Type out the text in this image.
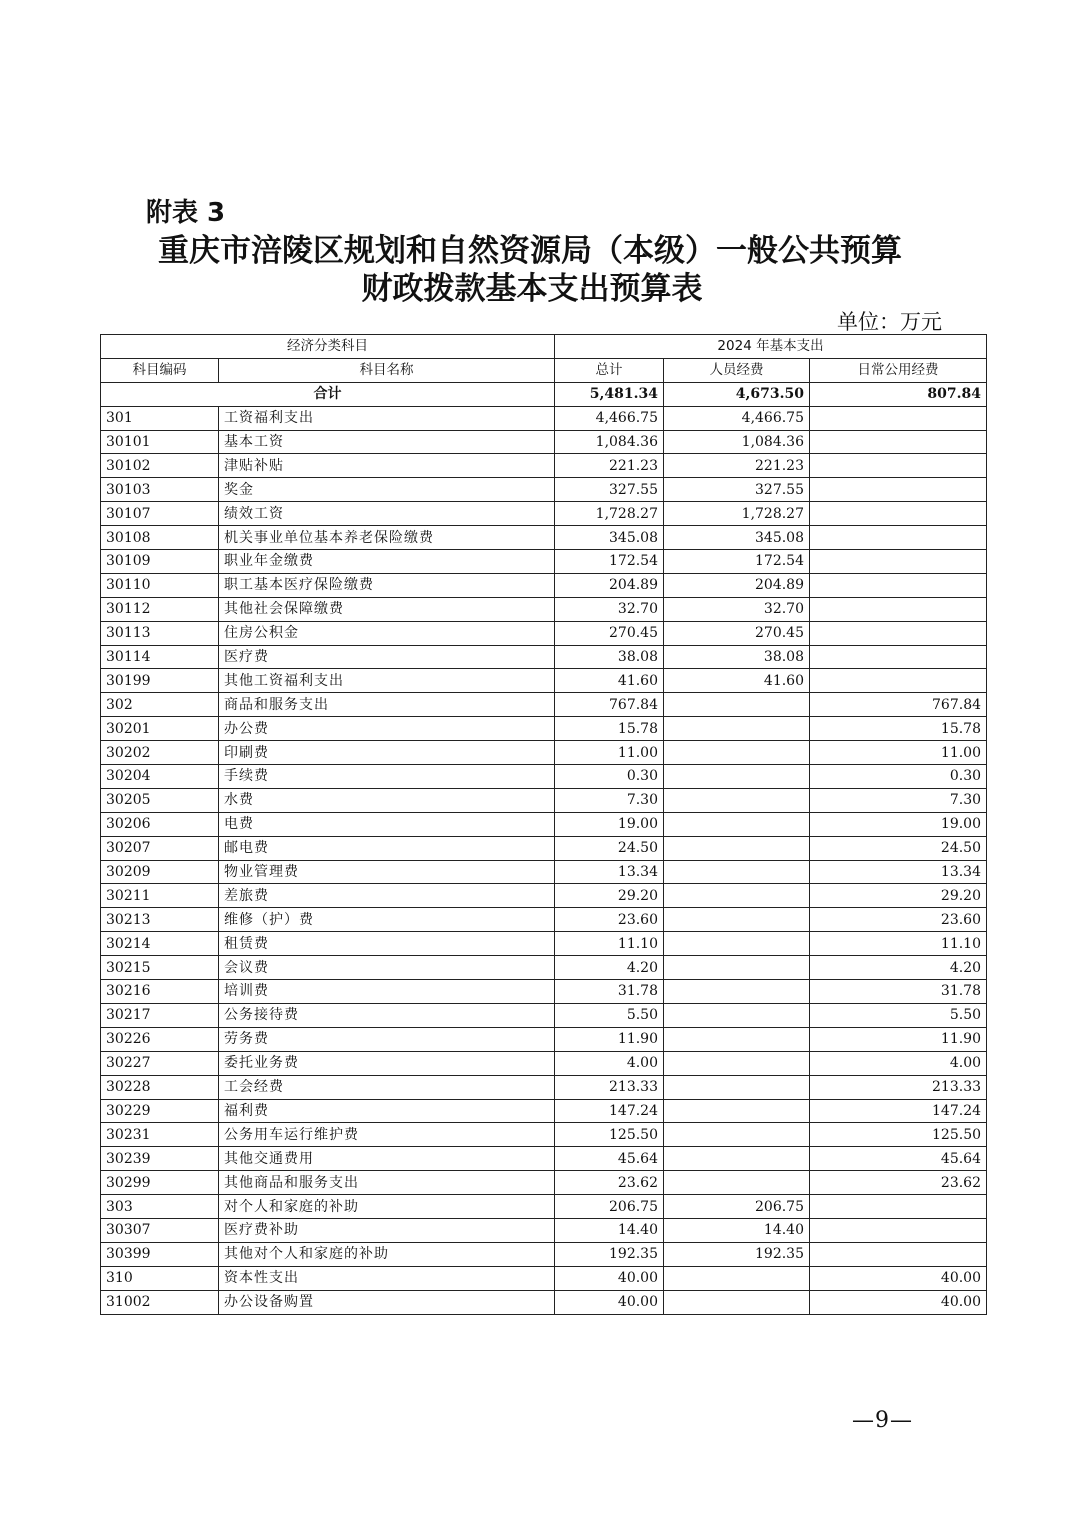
附表 3
重庆市涪陵区规划和自然资源局（本级）一般公共预算
财政拨款基本支出预算表
单位：万元
经济分类科目		2024 年基本支出		
科目编码	科目名称	总计	人员经费	日常公用经费
合计		5,481.34	4,673.50	807.84
301	工资福利支出	4,466.75	4,466.75	
30101	基本工资	1,084.36	1,084.36	
30102	津贴补贴	221.23	221.23	
30103	奖金	327.55	327.55	
30107	绩效工资	1,728.27	1,728.27	
30108	机关事业单位基本养老保险缴费	345.08	345.08	
30109	职业年金缴费	172.54	172.54	
30110	职工基本医疗保险缴费	204.89	204.89	
30112	其他社会保障缴费	32.70	32.70	
30113	住房公积金	270.45	270.45	
30114	医疗费	38.08	38.08	
30199	其他工资福利支出	41.60	41.60	
302	商品和服务支出	767.84		767.84
30201	办公费	15.78		15.78
30202	印刷费	11.00		11.00
30204	手续费	0.30		0.30
30205	水费	7.30		7.30
30206	电费	19.00		19.00
30207	邮电费	24.50		24.50
30209	物业管理费	13.34		13.34
30211	差旅费	29.20		29.20
30213	维修（护）费	23.60		23.60
30214	租赁费	11.10		11.10
30215	会议费	4.20		4.20
30216	培训费	31.78		31.78
30217	公务接待费	5.50		5.50
30226	劳务费	11.90		11.90
30227	委托业务费	4.00		4.00
30228	工会经费	213.33		213.33
30229	福利费	147.24		147.24
30231	公务用车运行维护费	125.50		125.50
30239	其他交通费用	45.64		45.64
30299	其他商品和服务支出	23.62		23.62
303	对个人和家庭的补助	206.75	206.75	
30307	医疗费补助	14.40	14.40	
30399	其他对个人和家庭的补助	192.35	192.35	
310	资本性支出	40.00		40.00
31002	办公设备购置	40.00		40.00
—9—
